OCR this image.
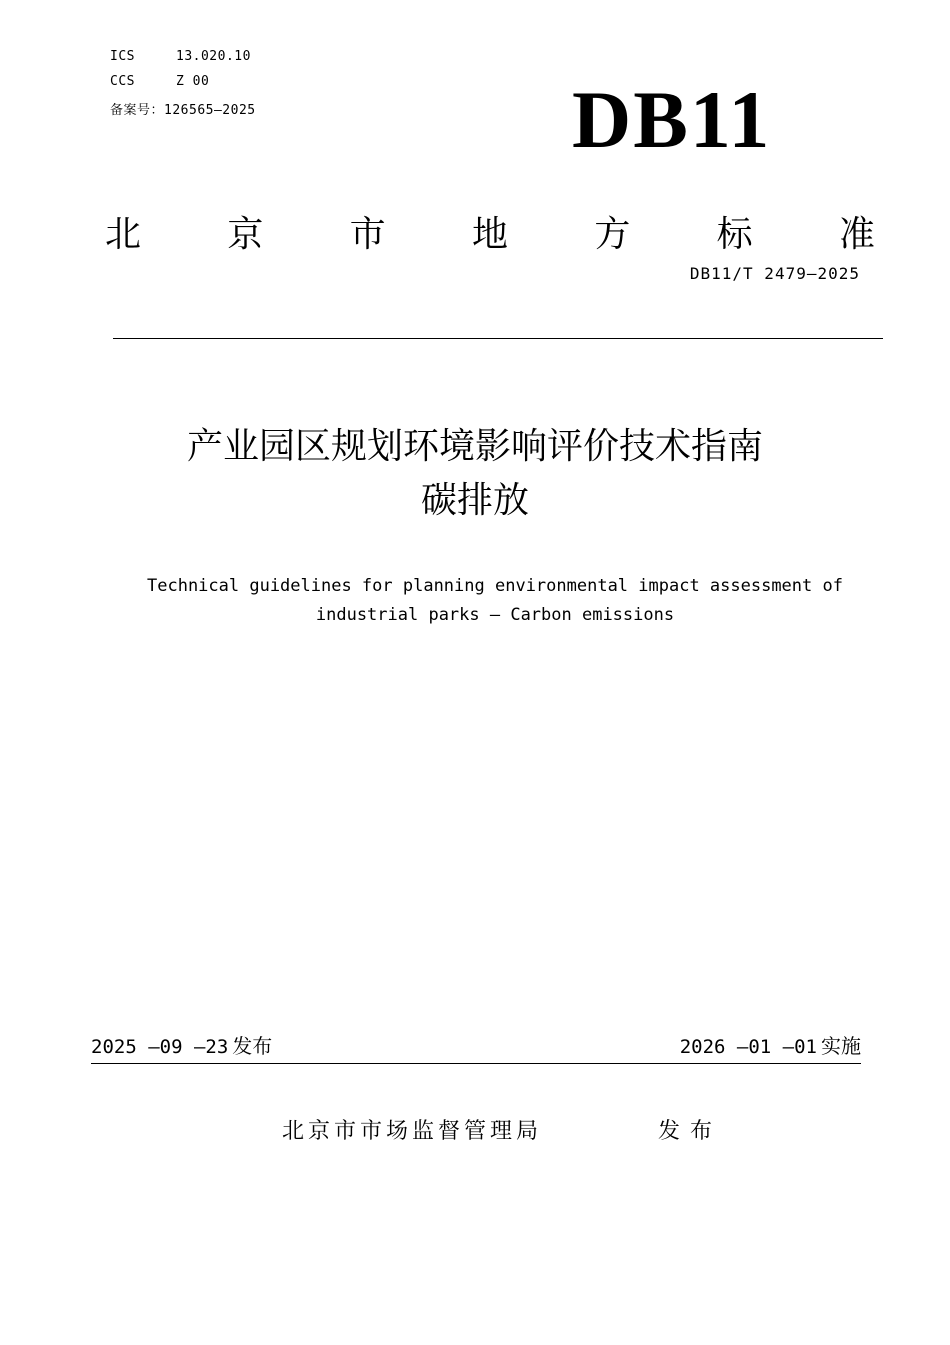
ICS	13.020.10
CCS	Z 00
备案号：126565—2025	DB11
北 京 市 地 方 标 准
DB11/T 2479—2025
产业园区规划环境影响评价技术指南
碳排放
Technical guidelines for planning environmental impact assessment of
industrial parks — Carbon emissions
2025 —09 —23 发布	2026 —01 —01 实施
北京市市场监督管理局	发布
